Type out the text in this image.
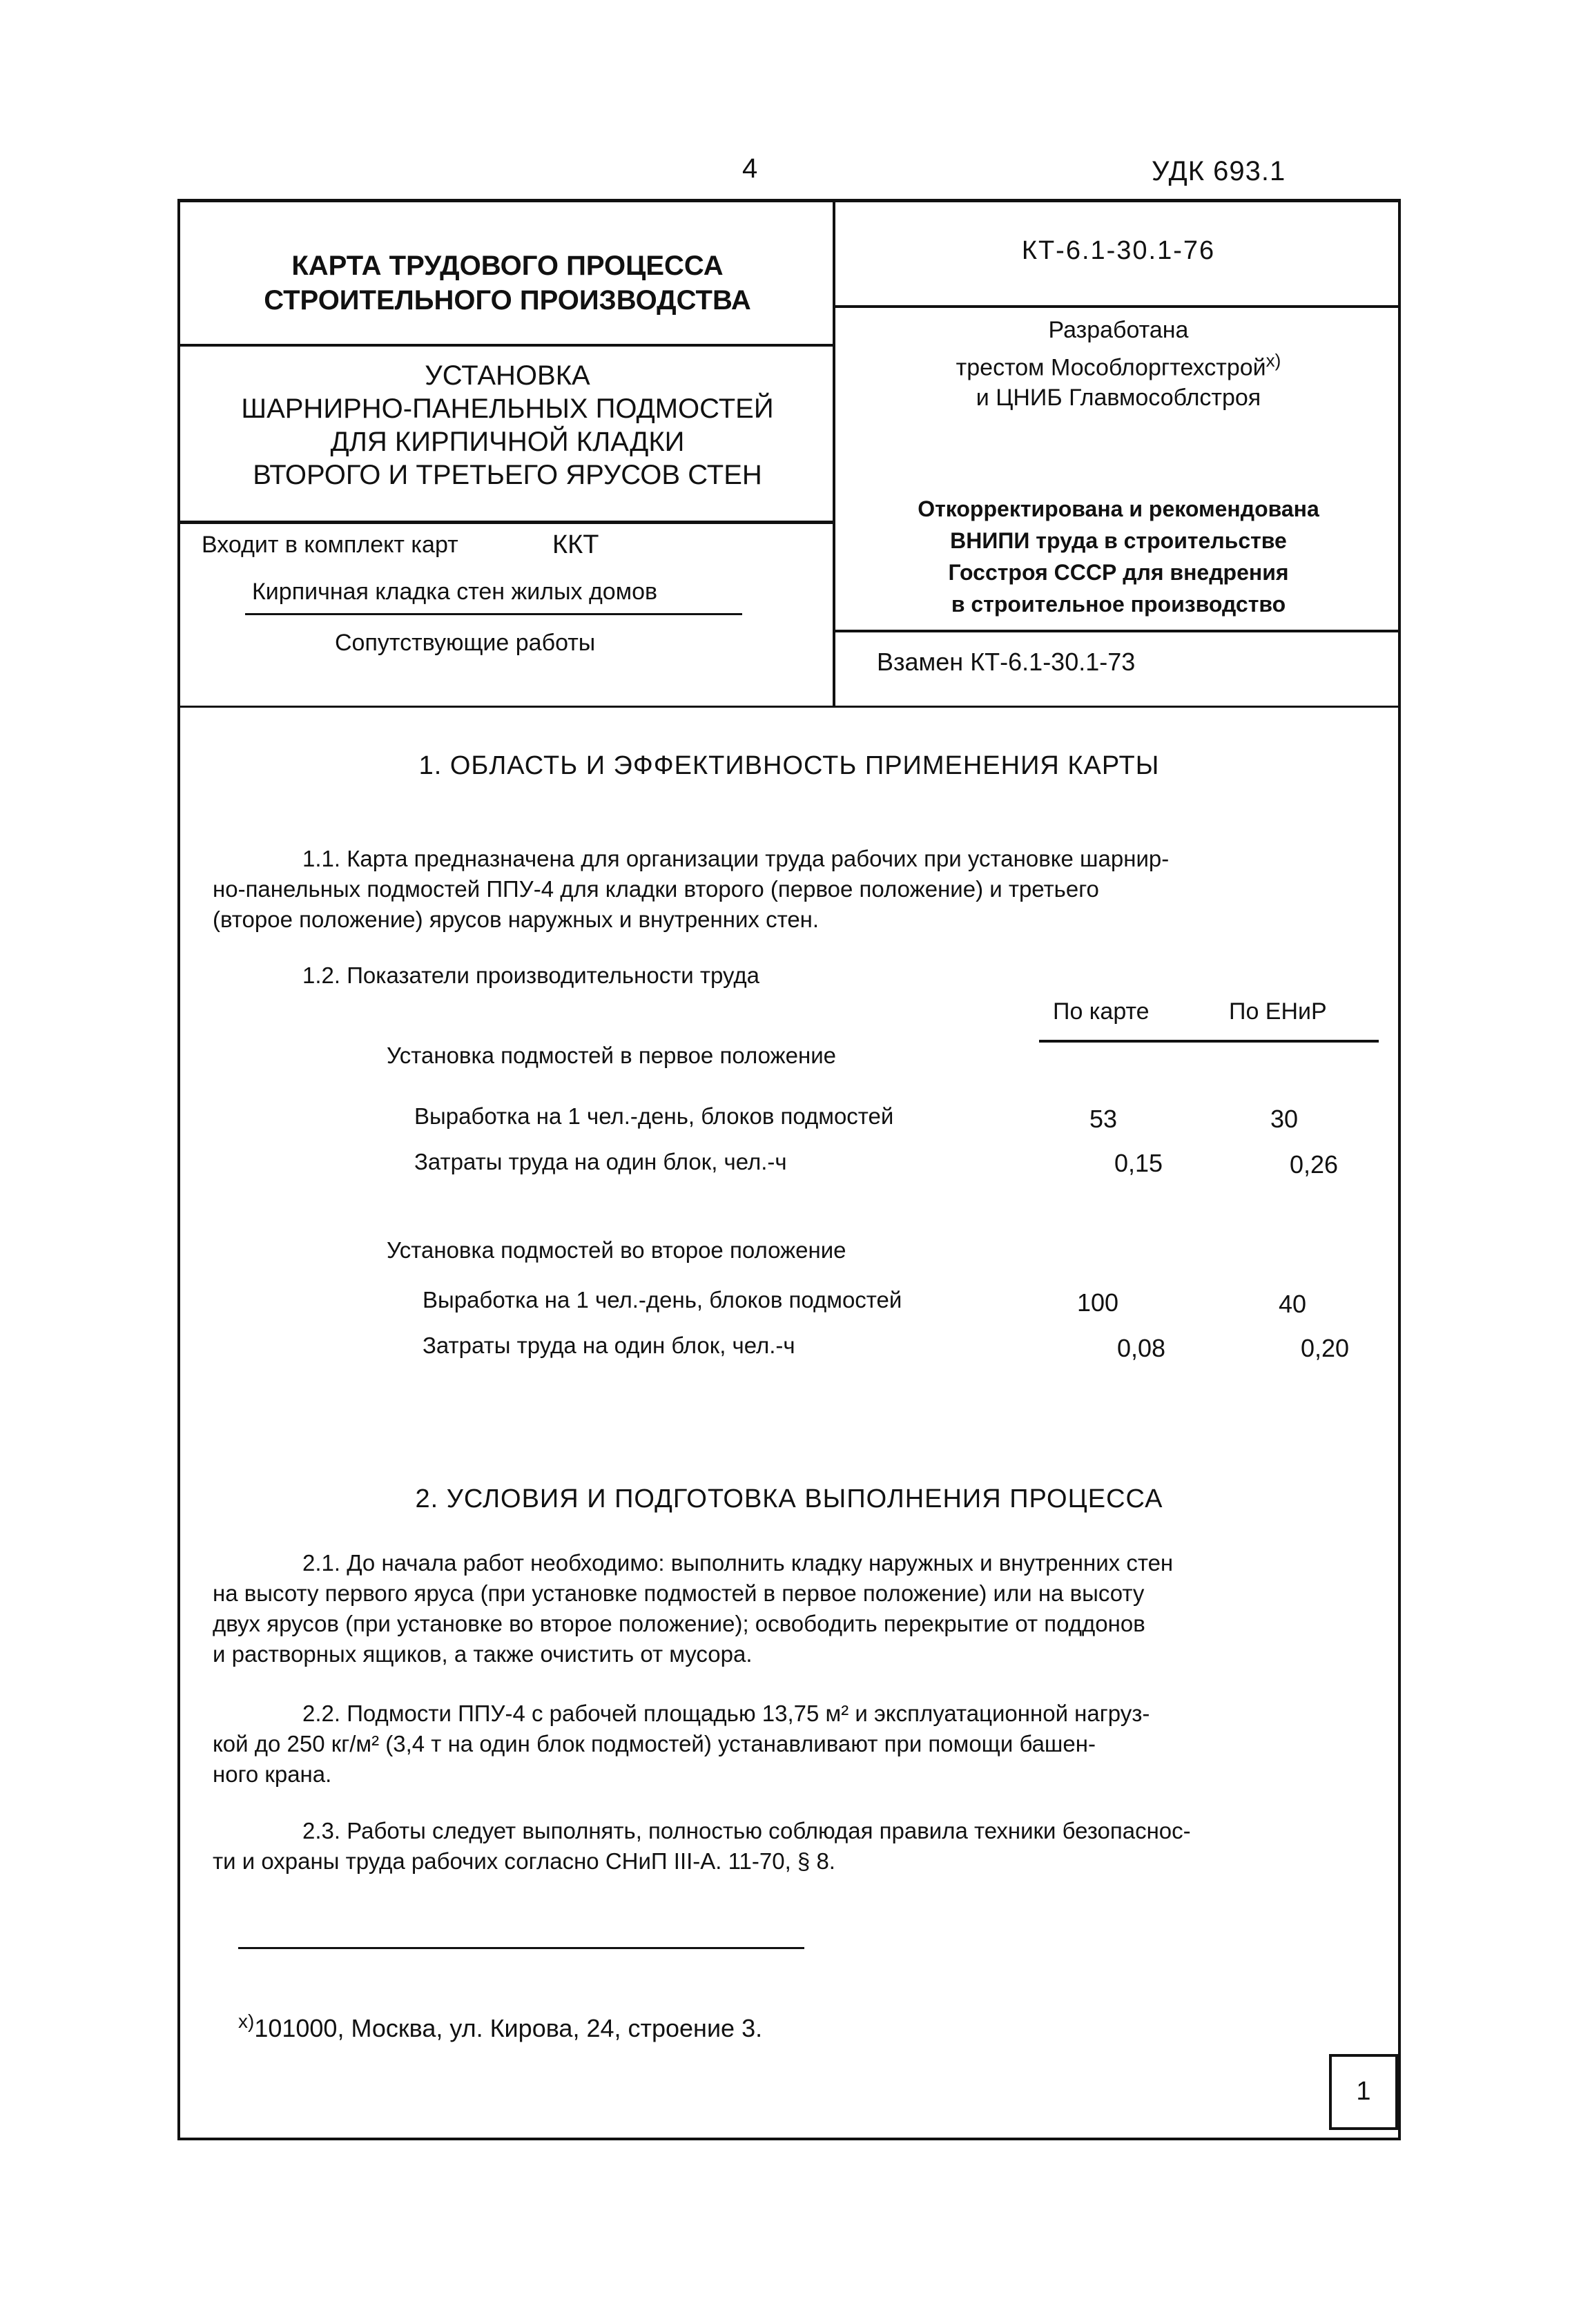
4	УДК 693.1
КАРТА ТРУДОВОГО ПРОЦЕССА
СТРОИТЕЛЬНОГО ПРОИЗВОДСТВА
УСТАНОВКА
ШАРНИРНО-ПАНЕЛЬНЫХ ПОДМОСТЕЙ
ДЛЯ КИРПИЧНОЙ КЛАДКИ
ВТОРОГО И ТРЕТЬЕГО ЯРУСОВ СТЕН
Входит в комплект карт	ККТ
Кирпичная кладка стен жилых домов
Сопутствующие работы
КТ-6.1-30.1-76
Разработана
трестом Мособлоргтехстрой$^{x)}$
и ЦНИБ Главмособлстроя
Откорректирована и рекомендована
ВНИПИ труда в строительстве
Госстроя СССР для внедрения
в строительное производство
Взамен КТ-6.1-30.1-73
1. ОБЛАСТЬ И ЭФФЕКТИВНОСТЬ ПРИМЕНЕНИЯ КАРТЫ
1.1. Карта предназначена для организации труда рабочих при установке шарнир-
но-панельных подмостей ППУ-4 для кладки второго (первое положение) и третьего
(второе положение) ярусов наружных и внутренних стен.
1.2. Показатели производительности труда
По карте	По ЕНиР
Установка подмостей в первое положение
Выработка на 1 чел.-день, блоков подмостей	53	30
Затраты труда на один блок, чел.-ч	0,15	0,26
Установка подмостей во второе положение
Выработка на 1 чел.-день, блоков подмостей	100	40
Затраты труда на один блок, чел.-ч	0,08	0,20
2. УСЛОВИЯ И ПОДГОТОВКА ВЫПОЛНЕНИЯ ПРОЦЕССА
2.1. До начала работ необходимо: выполнить кладку наружных и внутренних стен
на высоту первого яруса (при установке подмостей в первое положение) или на высоту
двух ярусов (при установке во второе положение); освободить перекрытие от поддонов
и растворных ящиков, а также очистить от мусора.
2.2. Подмости ППУ-4 с рабочей площадью 13,75 м² и эксплуатационной нагруз-
кой до 250 кг/м² (3,4 т на один блок подмостей) устанавливают при помощи башен-
ного крана.
2.3. Работы следует выполнять, полностью соблюдая правила техники безопаснос-
ти и охраны труда рабочих согласно СНиП III-А. 11-70, § 8.
$^{x)}$101000, Москва, ул. Кирова, 24, строение 3.
1
